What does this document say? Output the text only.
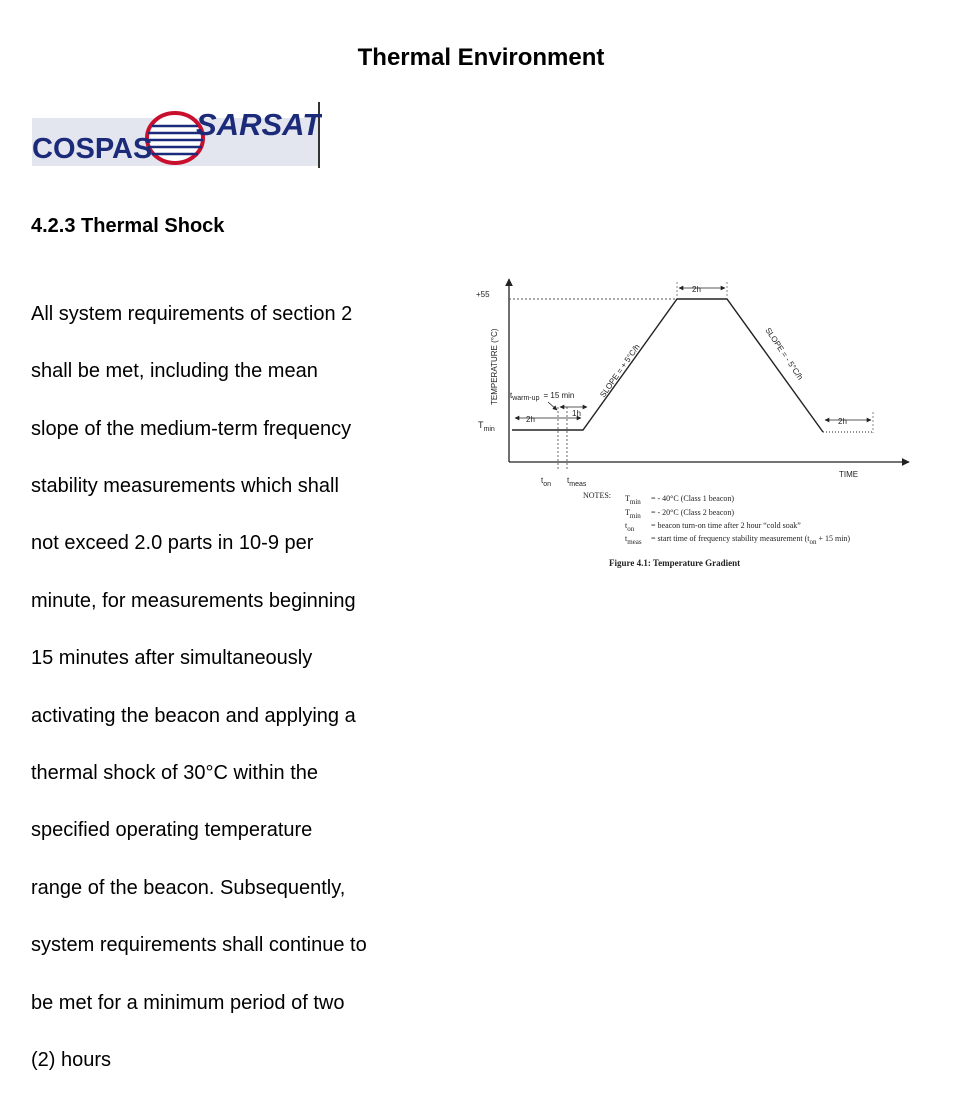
Thermal Environment
COSPAS
SARSAT
4.2.3 Thermal Shock

All system requirements of section 2

shall be met, including the mean

slope of the medium-term frequency

stability measurements which shall

not exceed 2.0 parts in 10-9 per

minute, for measurements beginning

15 minutes after simultaneously

activating the beacon and applying a

thermal shock of 30°C within the

specified operating temperature

range of the beacon. Subsequently,

system requirements shall continue to

be met for a minimum period of two

(2) hours

TEMPERATURE (°C)
TIME
+55
$T_{min}$
2h
2h
2h
SLOPE = + 5°C/h	SLOPE = - 5°C/h
twarm-up = 15 min
1h
ton tmeas
NOTES: Tmin = - 40°C (Class 1 beacon)
Tmin = - 20°C (Class 2 beacon)
ton = beacon turn-on time after 2 hour “cold soak”
tmeas = start time of frequency stability measurement (ton + 15 min)
Figure 4.1: Temperature Gradient
